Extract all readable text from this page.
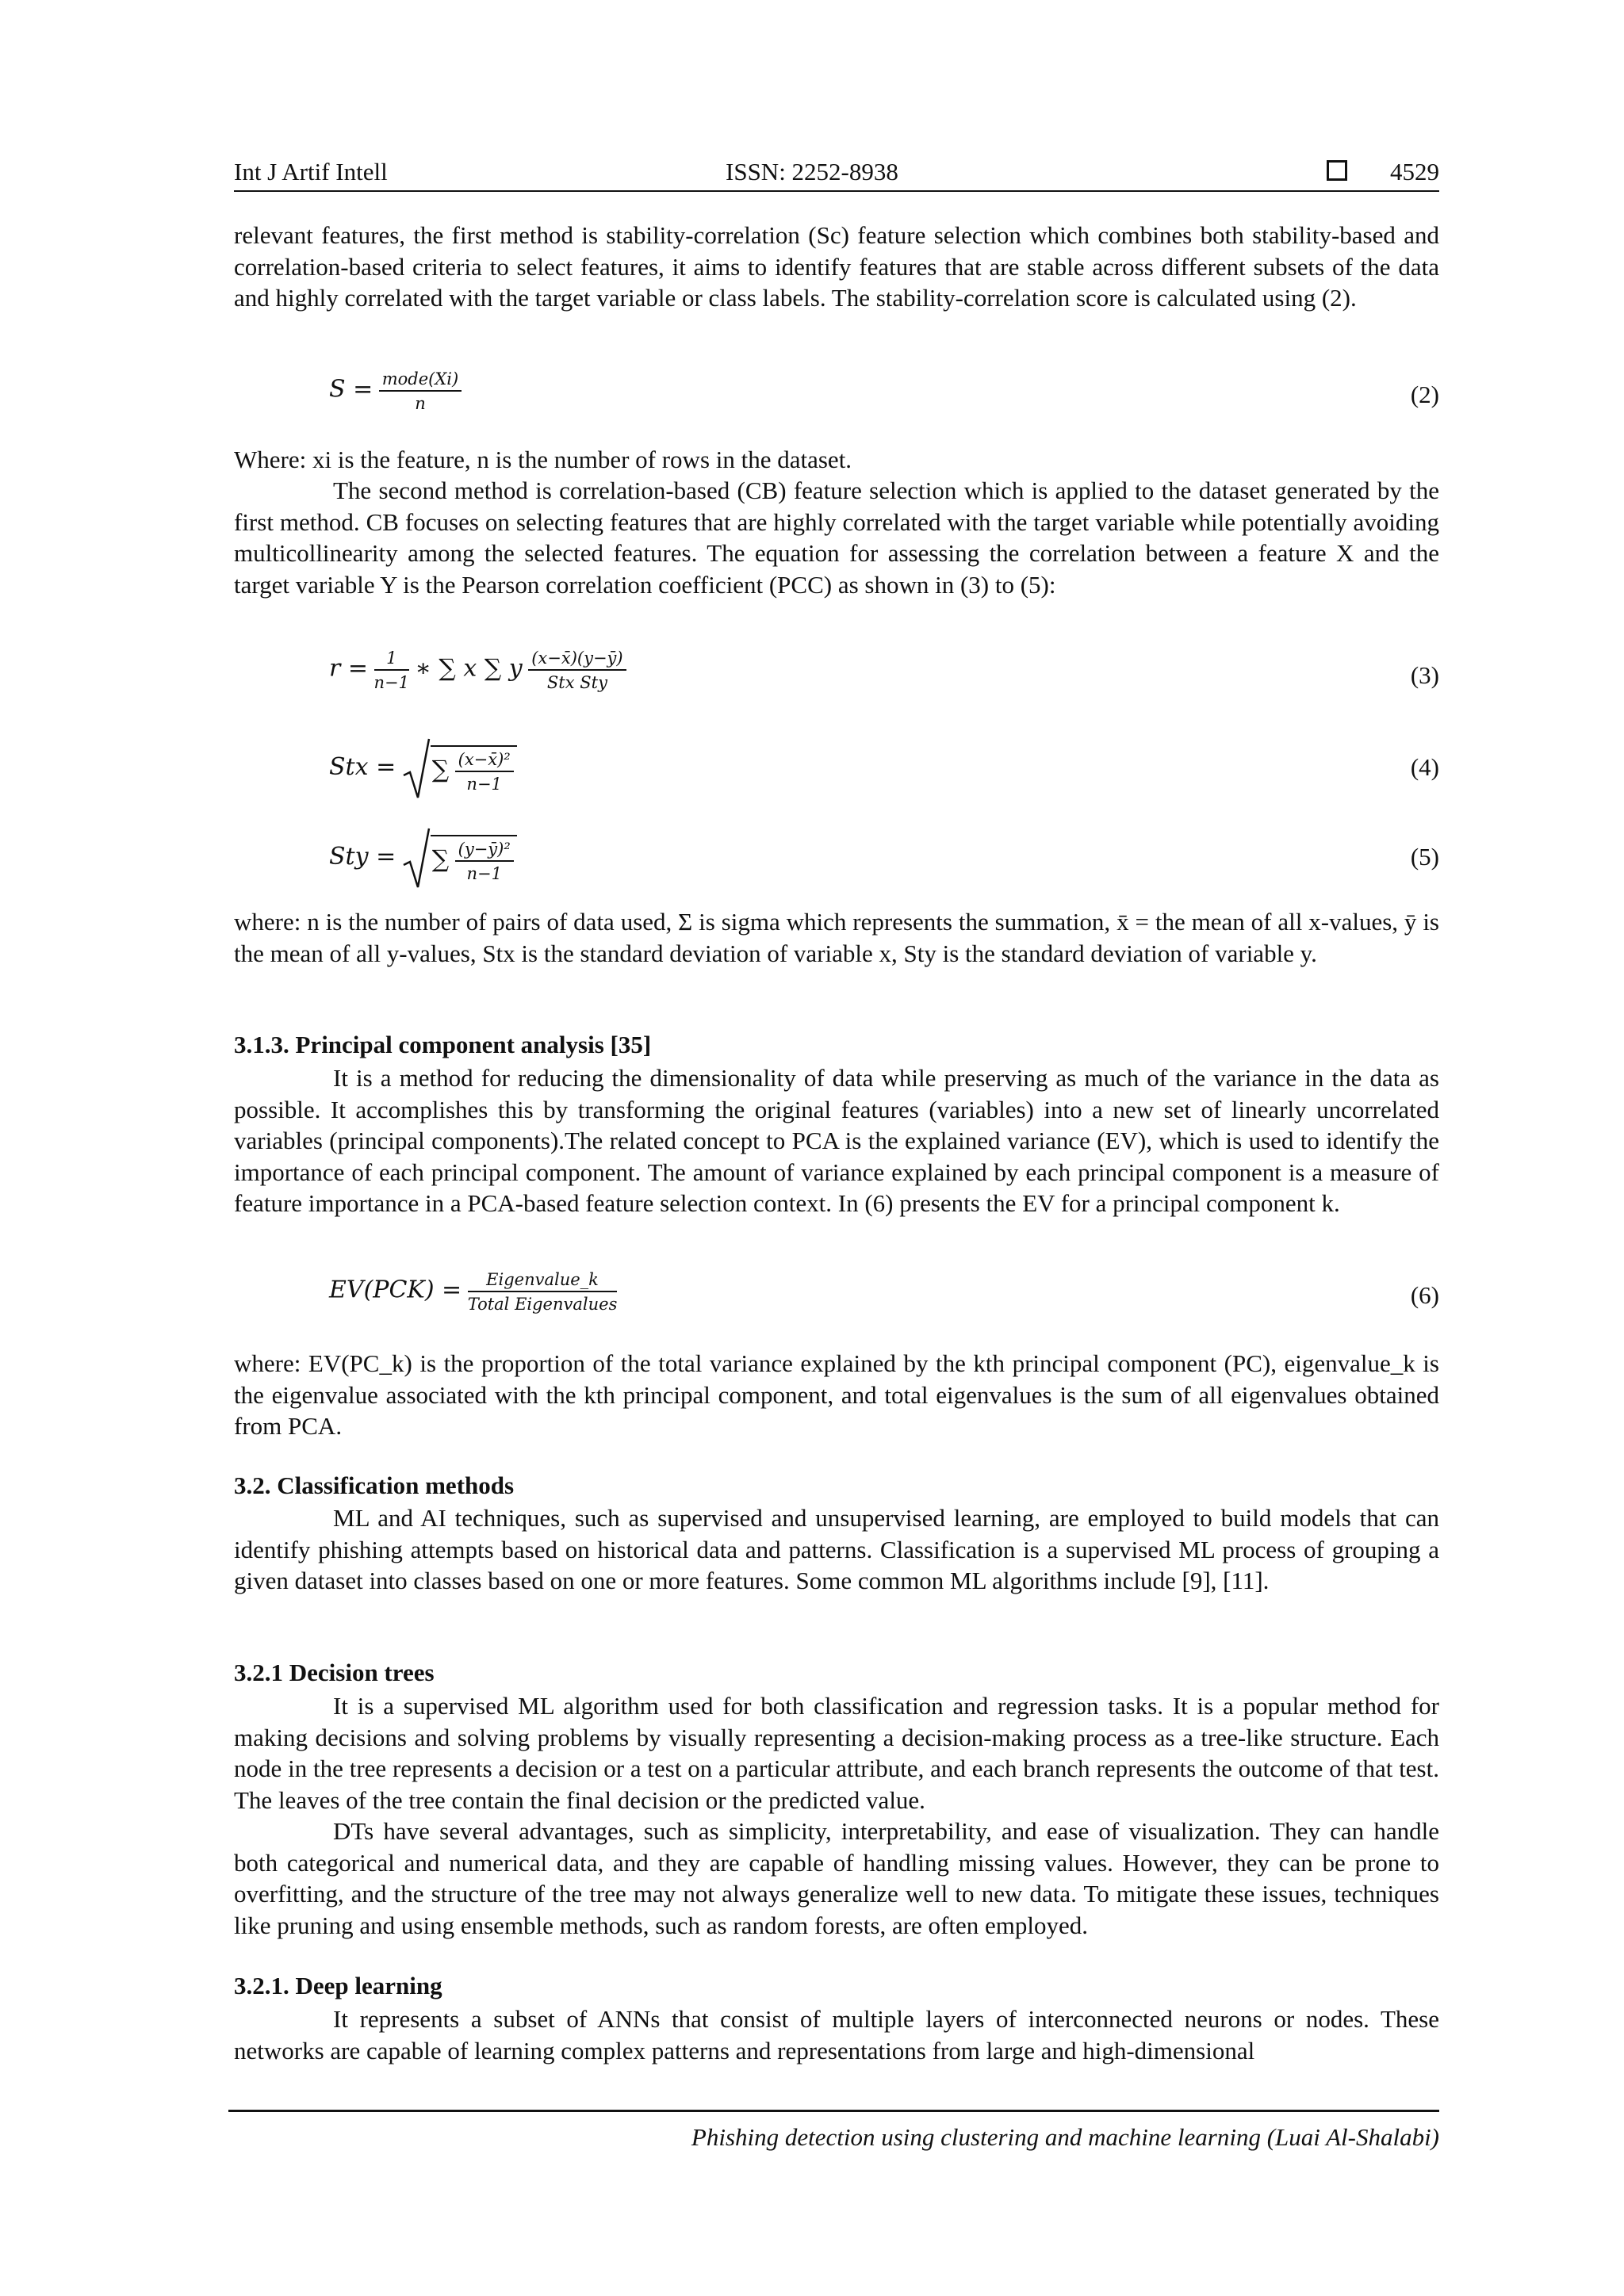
Int J Artif Intell	ISSN: 2252-8938	4529

relevant features, the first method is stability-correlation (Sc) feature selection which combines both stability-based and correlation-based criteria to select features, it aims to identify features that are stable across different subsets of the data and highly correlated with the target variable or class labels. The stability-correlation score is calculated using (2).

$S = \frac{\text{mode(Xi)}}{n}$	(2)

Where: xi is the feature, n is the number of rows in the dataset.

The second method is correlation-based (CB) feature selection which is applied to the dataset generated by the first method. CB focuses on selecting features that are highly correlated with the target variable while potentially avoiding multicollinearity among the selected features. The equation for assessing the correlation between a feature X and the target variable Y is the Pearson correlation coefficient (PCC) as shown in (3) to (5):

$r = \frac{1}{n-1}$ ∗ ∑ x ∑ y $\frac{(x-x̄)(y-ȳ)}{\text{Stx Sty}}$	(3)
Stx = ∑ $\frac{\text{(x−x̄)²}}{n-1}$	(4)
Sty = ∑ $\frac{\text{(y−ȳ)²}}{n-1}$	(5)

where: n is the number of pairs of data used, Σ is sigma which represents the summation, x̄ = the mean of all x-values, ȳ is the mean of all y-values, Stx is the standard deviation of variable x, Sty is the standard deviation of variable y.

3.1.3. Principal component analysis [35]

It is a method for reducing the dimensionality of data while preserving as much of the variance in the data as possible. It accomplishes this by transforming the original features (variables) into a new set of linearly uncorrelated variables (principal components).The related concept to PCA is the explained variance (EV), which is used to identify the importance of each principal component. The amount of variance explained by each principal component is a measure of feature importance in a PCA-based feature selection context. In (6) presents the EV for a principal component k.

$EV(PCK) = \frac{\text{Eigenvalue\_k}}{\text{Total Eigenvalues}}$	(6)

where: EV(PC_k) is the proportion of the total variance explained by the kth principal component (PC), eigenvalue_k is the eigenvalue associated with the kth principal component, and total eigenvalues is the sum of all eigenvalues obtained from PCA.

3.2. Classification methods

ML and AI techniques, such as supervised and unsupervised learning, are employed to build models that can identify phishing attempts based on historical data and patterns. Classification is a supervised ML process of grouping a given dataset into classes based on one or more features. Some common ML algorithms include [9], [11].

3.2.1 Decision trees

It is a supervised ML algorithm used for both classification and regression tasks. It is a popular method for making decisions and solving problems by visually representing a decision-making process as a tree-like structure. Each node in the tree represents a decision or a test on a particular attribute, and each branch represents the outcome of that test. The leaves of the tree contain the final decision or the predicted value.

DTs have several advantages, such as simplicity, interpretability, and ease of visualization. They can handle both categorical and numerical data, and they are capable of handling missing values. However, they can be prone to overfitting, and the structure of the tree may not always generalize well to new data. To mitigate these issues, techniques like pruning and using ensemble methods, such as random forests, are often employed.

3.2.1. Deep learning

It represents a subset of ANNs that consist of multiple layers of interconnected neurons or nodes. These networks are capable of learning complex patterns and representations from large and high-dimensional

Phishing detection using clustering and machine learning (Luai Al-Shalabi)
